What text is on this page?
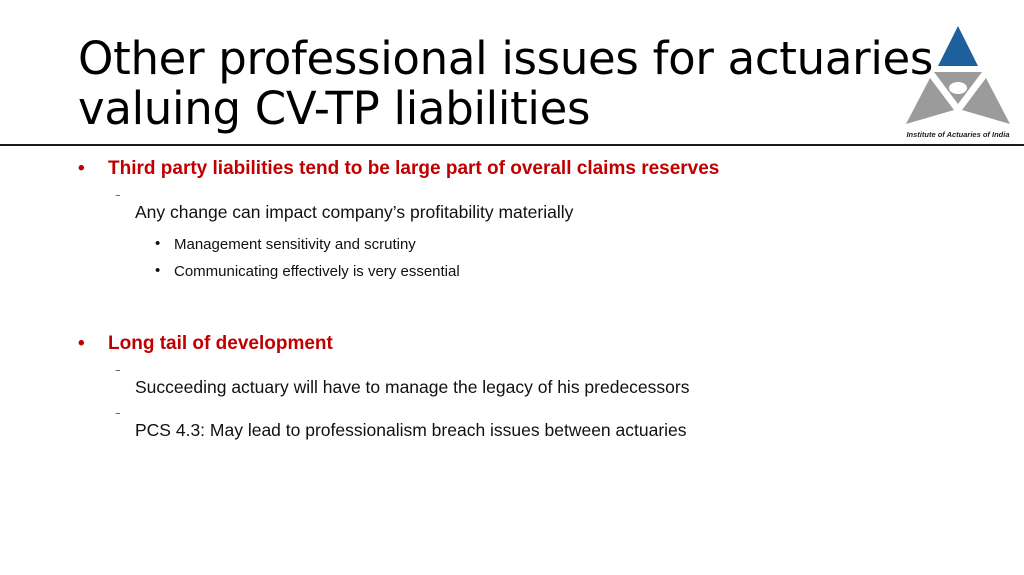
Other professional issues for actuaries
valuing CV-TP liabilities	Institute of Actuaries of India
• Third party liabilities tend to be large part of overall claims reserves
‾
Any change can impact company’s profitability materially
• Management sensitivity and scrutiny
• Communicating effectively is very essential
• Long tail of development
‾
Succeeding actuary will have to manage the legacy of his predecessors
‾
PCS 4.3: May lead to professionalism breach issues between actuaries
